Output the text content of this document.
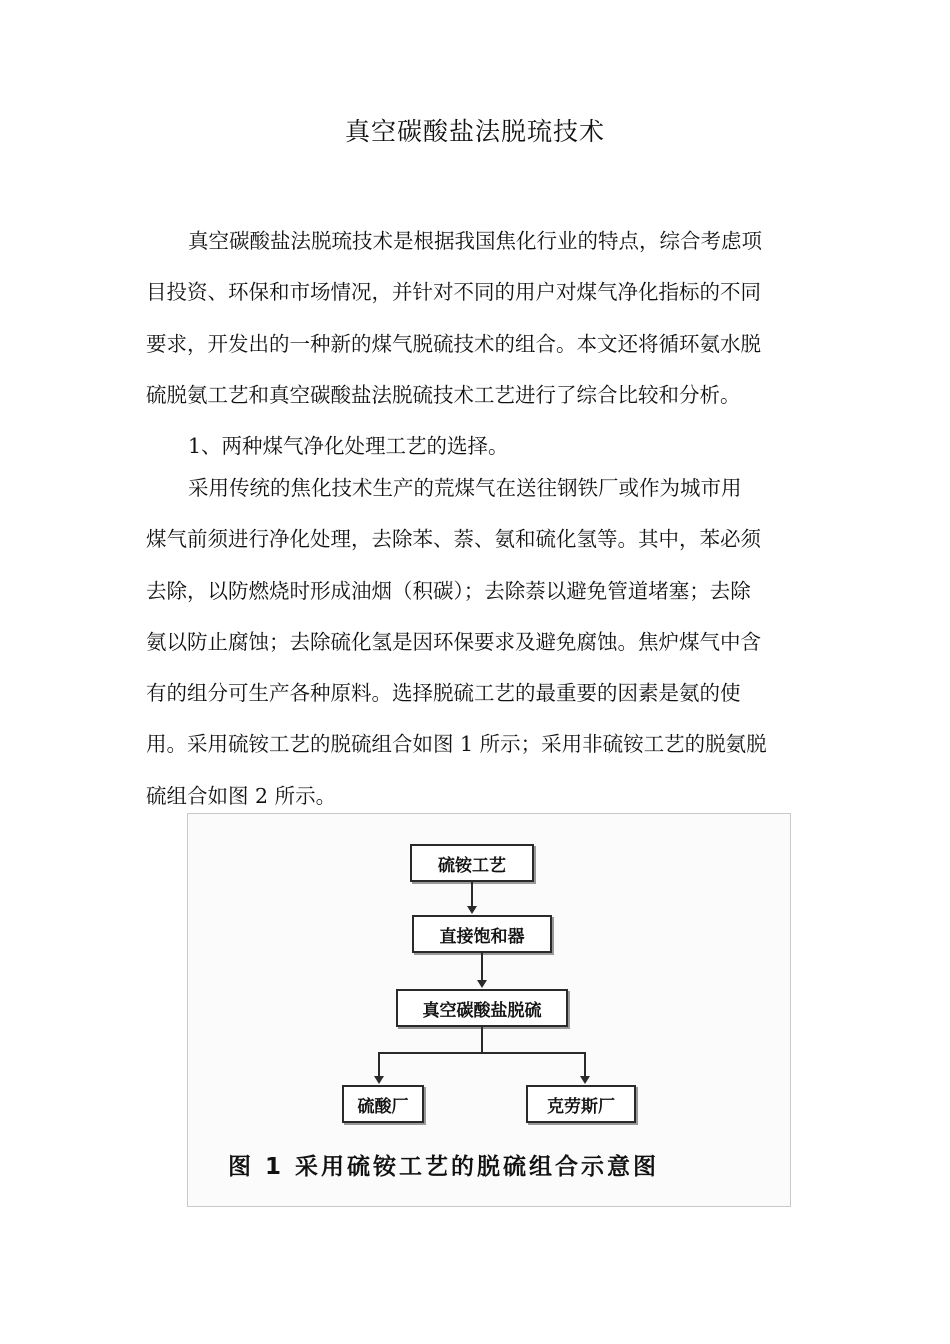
真空碳酸盐法脱琉技术

真空碳酸盐法脱琉技术是根据我国焦化行业的特点，综合考虑项
目投资、环保和市场情况，并针对不同的用户对煤气净化指标的不同
要求，开发出的一种新的煤气脱硫技术的组合。本文还将循环氨水脱
硫脱氨工艺和真空碳酸盐法脱硫技术工艺进行了综合比较和分析。

1、两种煤气净化处理工艺的选择。

采用传统的焦化技术生产的荒煤气在送往钢铁厂或作为城市用
煤气前须进行净化处理，去除苯、萘、氨和硫化氢等。其中，苯必须
去除，以防燃烧时形成油烟（积碳）；去除萘以避免管道堵塞；去除
氨以防止腐蚀；去除硫化氢是因环保要求及避免腐蚀。焦炉煤气中含
有的组分可生产各种原料。选择脱硫工艺的最重要的因素是氨的使
用。采用硫铵工艺的脱硫组合如图 1 所示；采用非硫铵工艺的脱氨脱
硫组合如图 2 所示。

硫铵工艺
直接饱和器
真空碳酸盐脱硫
硫酸厂	克劳斯厂
图 1 采用硫铵工艺的脱硫组合示意图
